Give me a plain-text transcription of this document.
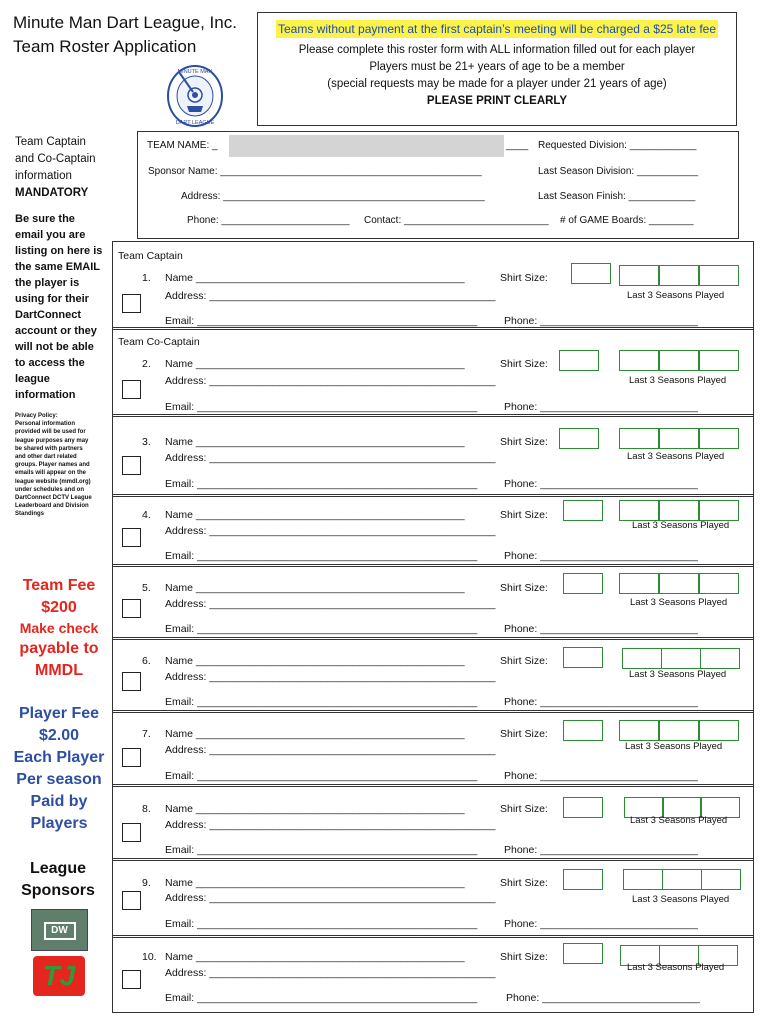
Minute Man Dart League, Inc.
Team Roster Application
MINUTE MAN
DART LEAGUE
Teams without payment at the first captain’s meeting will be charged a $25 late fee
Please complete this roster form with ALL information filled out for each player
Players must be 21+ years of age to be a member
(special requests may be made for a player under 21 years of age)
PLEASE PRINT CLEARLY
Team Captain
and Co-Captain
information
MANDATORY
Be sure the
email you are
listing on here is
the same EMAIL
the player is
using for their
DartConnect
account or they
will not be able
to access the
league
information
Privacy Policy:
Personal information
provided will be used for
league purposes any may
be shared with partners
and other dart related
groups. Player names and
emails will appear on the
league website (mmdl.org)
under schedules and on
DartConnect DCTV League
Leaderboard and Division
Standings
Team Fee
$200
Make check
payable to
MMDL
Player Fee
$2.00
Each Player
Per season
Paid by
Players
League
Sponsors
DW
TJ
TEAM NAME: _	____ Requested Division: ____________
Sponsor Name: _______________________________________________	Last Season Division: ___________
Address: _______________________________________________	Last Season Finish: ____________
Phone: _______________________ Contact: __________________________ # of GAME Boards: ________
Team Captain
1. Name ______________________________________________	Shirt Size:
Address: _________________________________________________	Last 3 Seasons Played
Email: ________________________________________________	Phone: ___________________________
Team Co-Captain
2. Name ______________________________________________	Shirt Size:
Address: _________________________________________________	Last 3 Seasons Played
Email: ________________________________________________	Phone: ___________________________
3. Name ______________________________________________	Shirt Size:
Address: _________________________________________________	Last 3 Seasons Played
Email: ________________________________________________	Phone: ___________________________
4. Name ______________________________________________	Shirt Size:
Address: _________________________________________________	Last 3 Seasons Played
Email: ________________________________________________	Phone: ___________________________
5. Name ______________________________________________	Shirt Size:
Address: _________________________________________________	Last 3 Seasons Played
Email: ________________________________________________	Phone: ___________________________
6. Name ______________________________________________	Shirt Size:
Address: _________________________________________________	Last 3 Seasons Played
Email: ________________________________________________	Phone: ___________________________
7. Name ______________________________________________	Shirt Size:
Address: _________________________________________________	Last 3 Seasons Played
Email: ________________________________________________	Phone: ___________________________
8. Name ______________________________________________	Shirt Size:
Address: _________________________________________________	Last 3 Seasons Played
Email: ________________________________________________	Phone: ___________________________
9. Name ______________________________________________	Shirt Size:
Address: _________________________________________________	Last 3 Seasons Played
Email: ________________________________________________	Phone: ___________________________
10. Name ______________________________________________	Shirt Size:
Address: _________________________________________________	Last 3 Seasons Played
Email: ________________________________________________	Phone: ___________________________
